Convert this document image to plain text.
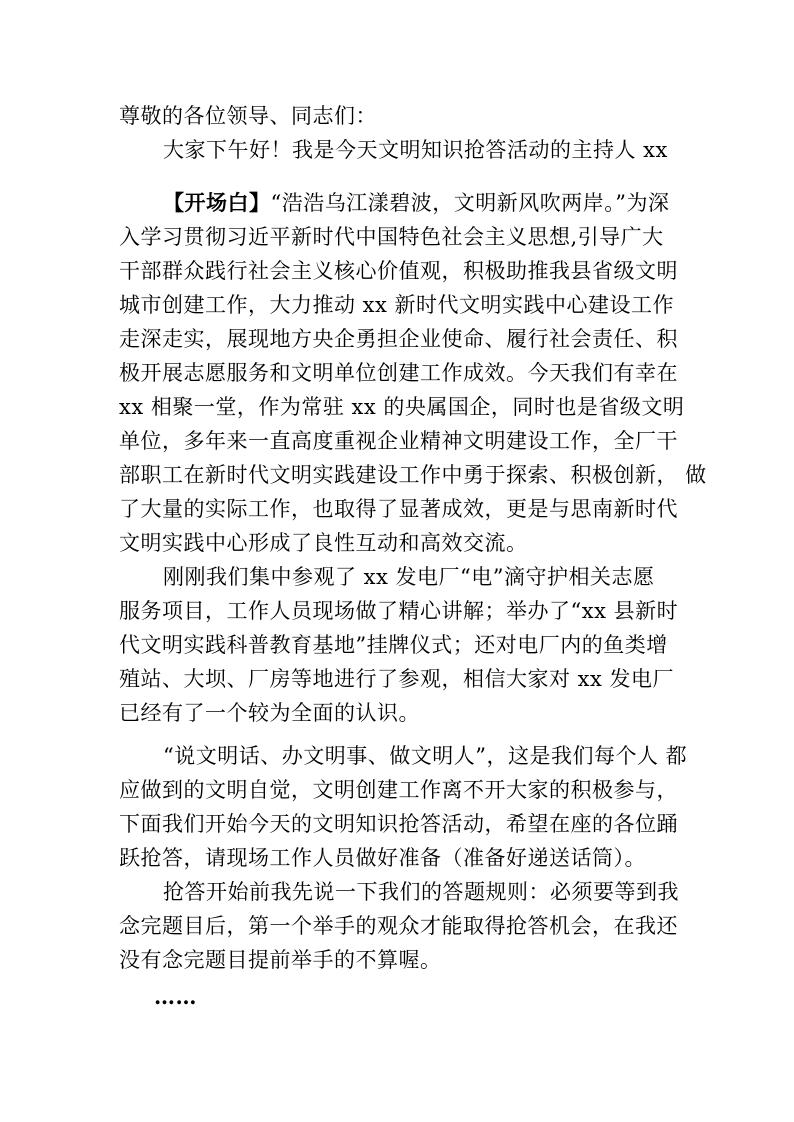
尊敬的各位领导、同志们：
大家下午好！我是今天文明知识抢答活动的主持人 xx
【开场白】“浩浩乌江漾碧波，文明新风吹两岸。”为深
入学习贯彻习近平新时代中国特色社会主义思想,引导广大
干部群众践行社会主义核心价值观，积极助推我县省级文明
城市创建工作，大力推动 xx 新时代文明实践中心建设工作
走深走实，展现地方央企勇担企业使命、履行社会责任、积
极开展志愿服务和文明单位创建工作成效。今天我们有幸在
xx 相聚一堂，作为常驻 xx 的央属国企，同时也是省级文明
单位，多年来一直高度重视企业精神文明建设工作，全厂干
部职工在新时代文明实践建设工作中勇于探索、积极创新， 做
了大量的实际工作，也取得了显著成效，更是与思南新时代
文明实践中心形成了良性互动和高效交流。
刚刚我们集中参观了 xx 发电厂“电”滴守护相关志愿
服务项目，工作人员现场做了精心讲解；举办了“xx 县新时
代文明实践科普教育基地”挂牌仪式；还对电厂内的鱼类增
殖站、大坝、厂房等地进行了参观，相信大家对 xx 发电厂
已经有了一个较为全面的认识。
“说文明话、办文明事、做文明人”，这是我们每个人 都
应做到的文明自觉，文明创建工作离不开大家的积极参与，
下面我们开始今天的文明知识抢答活动，希望在座的各位踊
跃抢答，请现场工作人员做好准备（准备好递送话筒）。
抢答开始前我先说一下我们的答题规则：必须要等到我
念完题目后，第一个举手的观众才能取得抢答机会，在我还
没有念完题目提前举手的不算喔。
……
